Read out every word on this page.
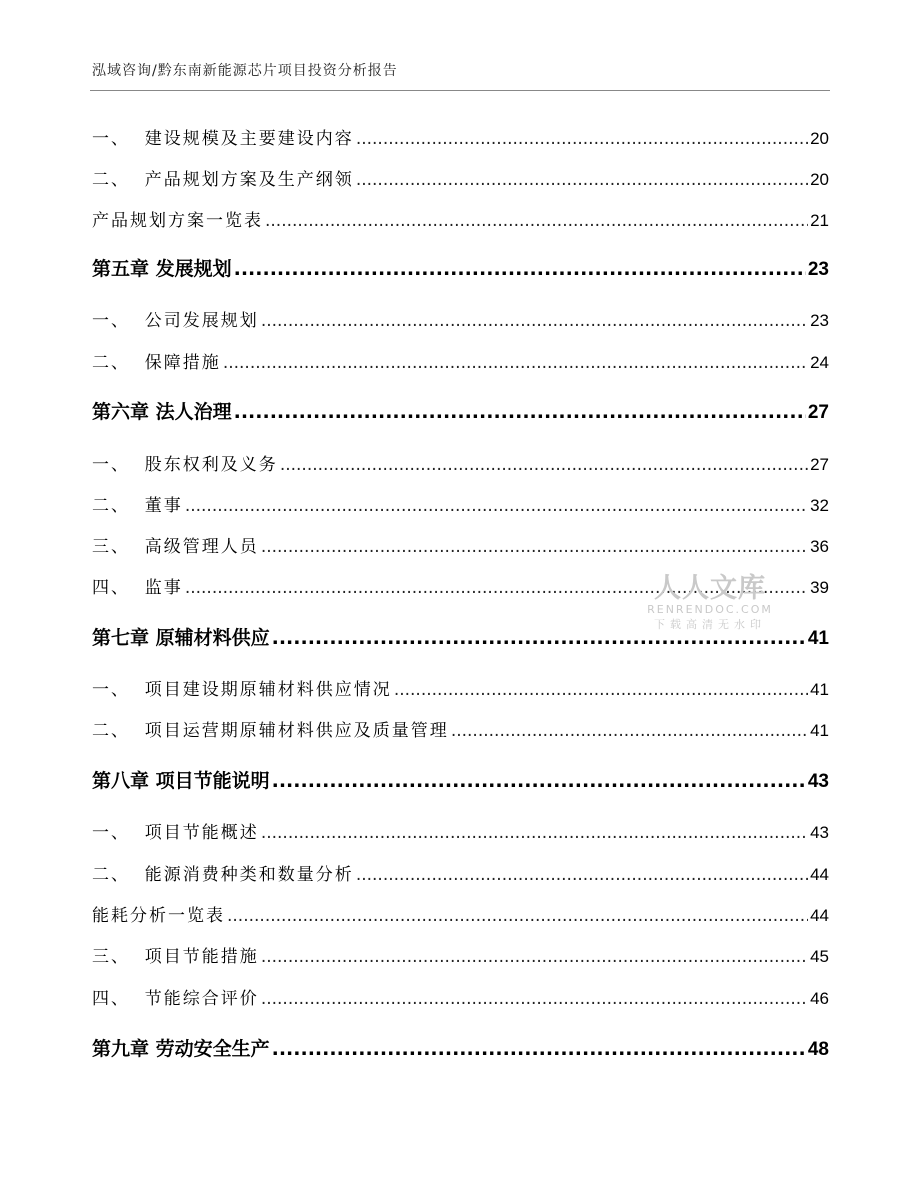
泓域咨询/黔东南新能源芯片项目投资分析报告
一、  建设规模及主要建设内容 .....	20
二、  产品规划方案及生产纲领 .....	20
产品规划方案一览表 .....	21
第五章 发展规划 .....	23
一、  公司发展规划 .....	23
二、  保障措施 .....	24
第六章 法人治理 .....	27
一、  股东权利及义务 .....	27
二、  董事 .....	32
三、  高级管理人员 .....	36
四、  监事 .....	39
第七章 原辅材料供应 .....	41
一、  项目建设期原辅材料供应情况 .....	41
二、  项目运营期原辅材料供应及质量管理 .....	41
第八章 项目节能说明 .....	43
一、  项目节能概述 .....	43
二、  能源消费种类和数量分析 .....	44
能耗分析一览表 .....	44
三、  项目节能措施 .....	45
四、  节能综合评价 .....	46
第九章 劳动安全生产 .....	48
人人文库
RENRENDOC.COM
下载高清无水印
